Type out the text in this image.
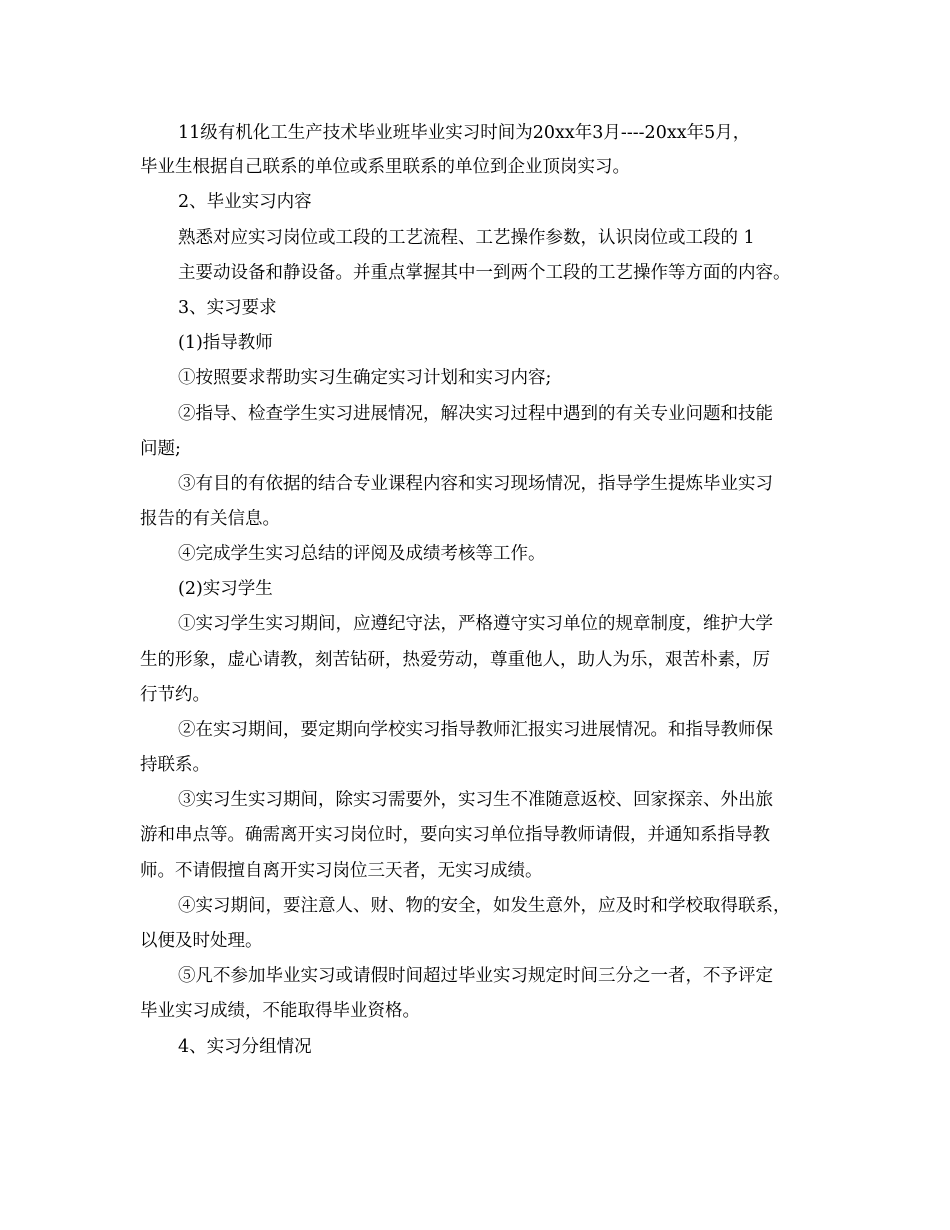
11级有机化工生产技术毕业班毕业实习时间为20xx年3月----20xx年5月，
毕业生根据自己联系的单位或系里联系的单位到企业顶岗实习。
2、毕业实习内容
熟悉对应实习岗位或工段的工艺流程、工艺操作参数，认识岗位或工段的 1
主要动设备和静设备。并重点掌握其中一到两个工段的工艺操作等方面的内容。
3、实习要求
(1)指导教师
①按照要求帮助实习生确定实习计划和实习内容;
②指导、检查学生实习进展情况，解决实习过程中遇到的有关专业问题和技能
问题;
③有目的有依据的结合专业课程内容和实习现场情况，指导学生提炼毕业实习
报告的有关信息。
④完成学生实习总结的评阅及成绩考核等工作。
(2)实习学生
①实习学生实习期间，应遵纪守法，严格遵守实习单位的规章制度，维护大学
生的形象，虚心请教，刻苦钻研，热爱劳动，尊重他人，助人为乐，艰苦朴素，厉
行节约。
②在实习期间，要定期向学校实习指导教师汇报实习进展情况。和指导教师保
持联系。
③实习生实习期间，除实习需要外，实习生不准随意返校、回家探亲、外出旅
游和串点等。确需离开实习岗位时，要向实习单位指导教师请假，并通知系指导教
师。不请假擅自离开实习岗位三天者，无实习成绩。
④实习期间，要注意人、财、物的安全，如发生意外，应及时和学校取得联系，
以便及时处理。
⑤凡不参加毕业实习或请假时间超过毕业实习规定时间三分之一者，不予评定
毕业实习成绩，不能取得毕业资格。
4、实习分组情况
